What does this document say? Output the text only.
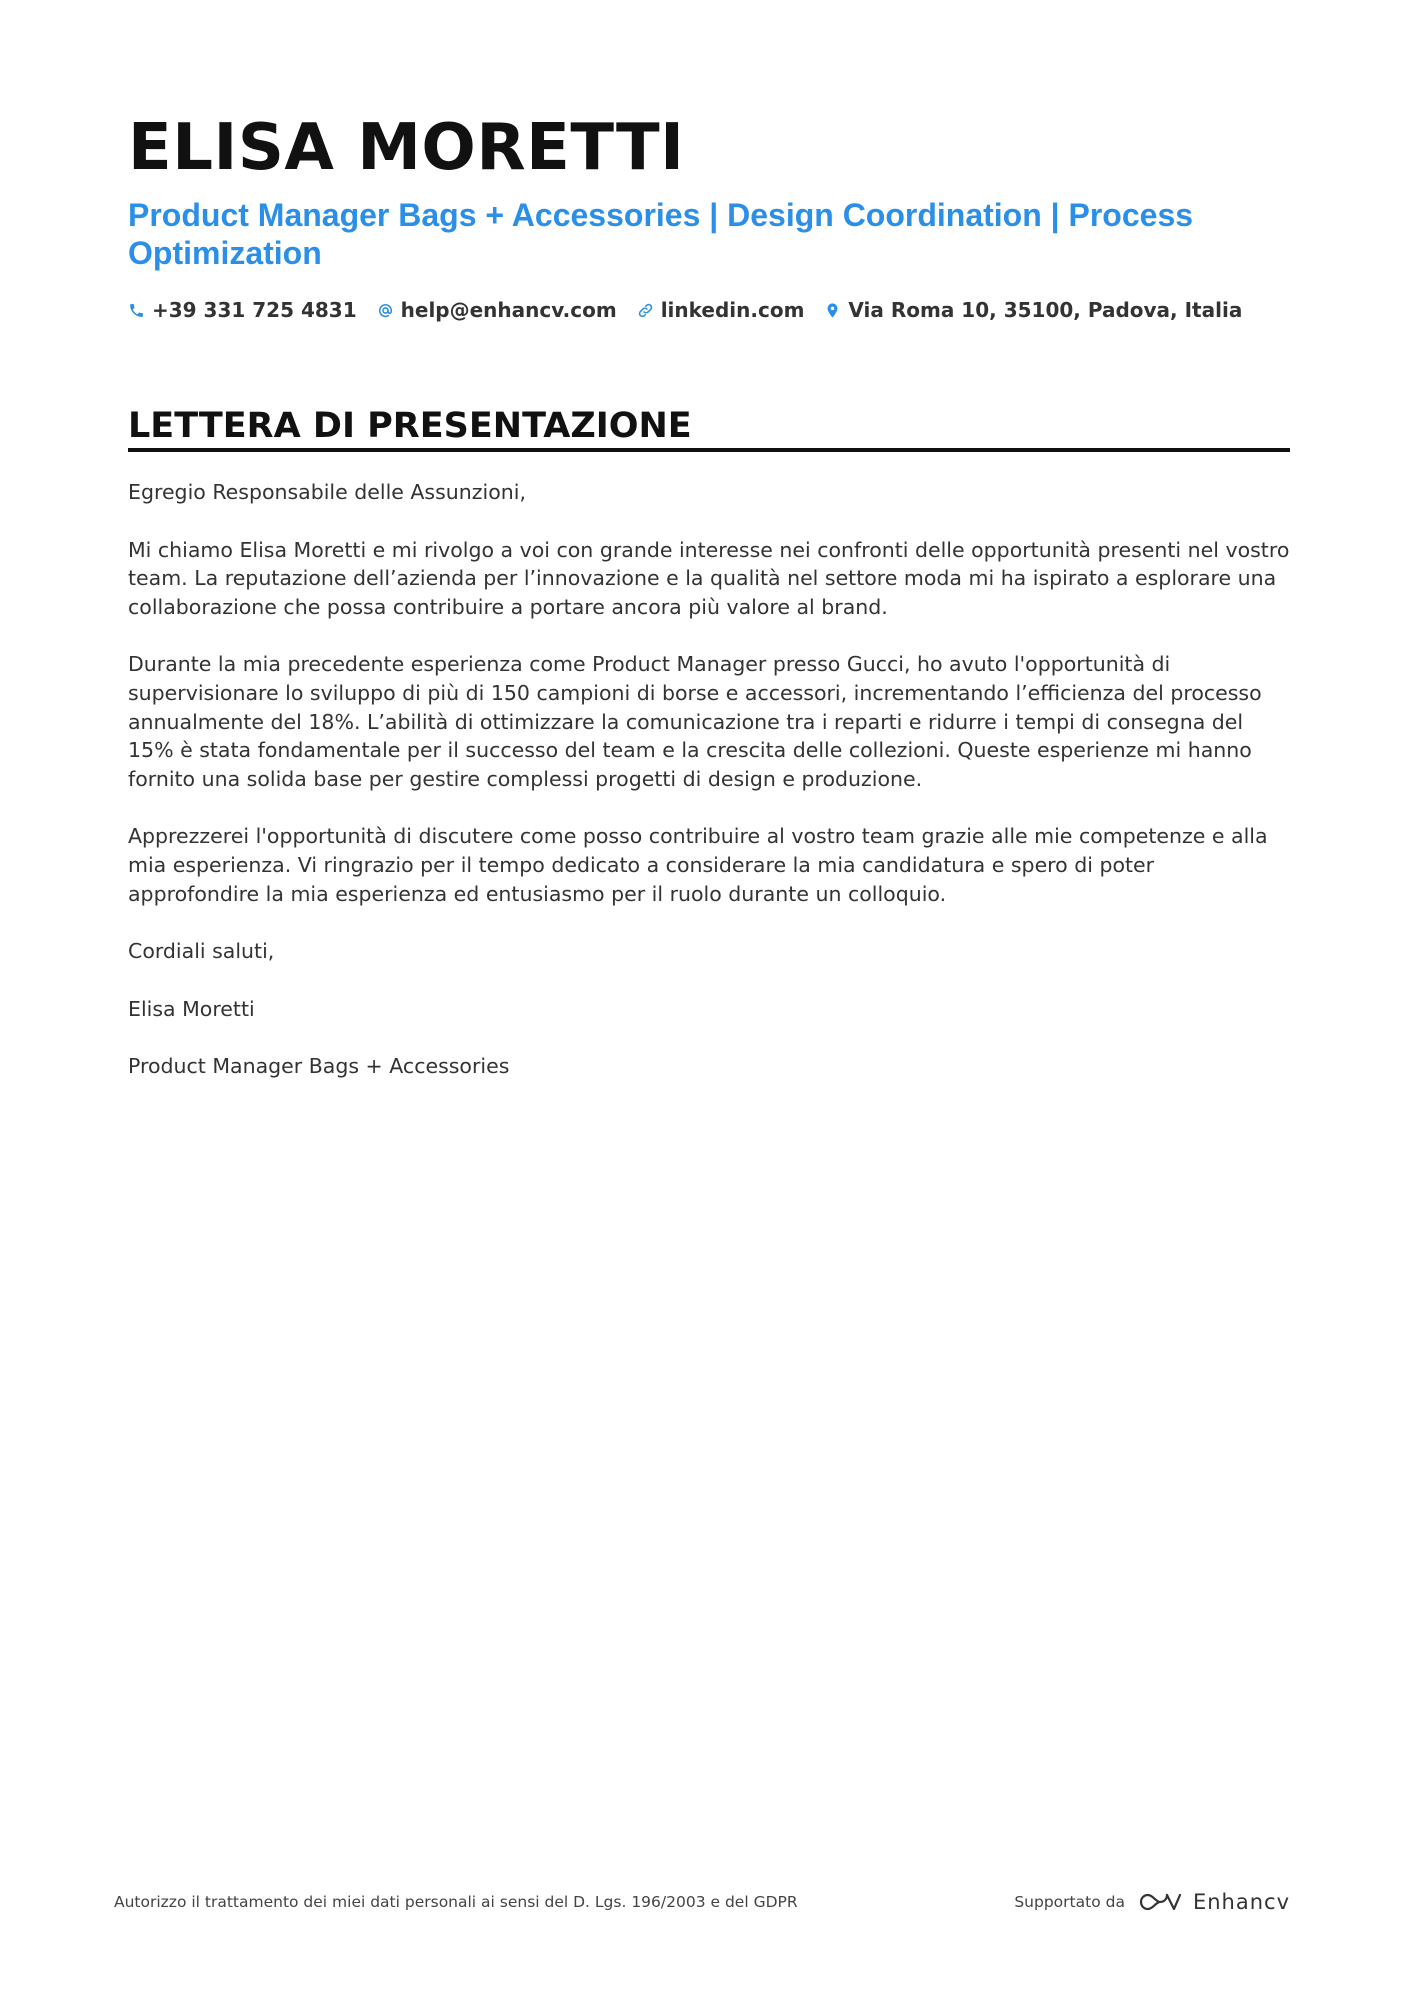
ELISA MORETTI
Product Manager Bags + Accessories | Design Coordination | Process Optimization
+39 331 725 4831 help@enhancv.com linkedin.com Via Roma 10, 35100, Padova, Italia
LETTERA DI PRESENTAZIONE

Egregio Responsabile delle Assunzioni,

Mi chiamo Elisa Moretti e mi rivolgo a voi con grande interesse nei confronti delle opportunità presenti nel vostro team. La reputazione dell’azienda per l’innovazione e la qualità nel settore moda mi ha ispirato a esplorare una collaborazione che possa contribuire a portare ancora più valore al brand.

Durante la mia precedente esperienza come Product Manager presso Gucci, ho avuto l'opportunità di supervisionare lo sviluppo di più di 150 campioni di borse e accessori, incrementando l’efficienza del processo annualmente del 18%. L’abilità di ottimizzare la comunicazione tra i reparti e ridurre i tempi di consegna del 15% è stata fondamentale per il successo del team e la crescita delle collezioni. Queste esperienze mi hanno fornito una solida base per gestire complessi progetti di design e produzione.

Apprezzerei l'opportunità di discutere come posso contribuire al vostro team grazie alle mie competenze e alla mia esperienza. Vi ringrazio per il tempo dedicato a considerare la mia candidatura e spero di poter approfondire la mia esperienza ed entusiasmo per il ruolo durante un colloquio.

Cordiali saluti,

Elisa Moretti

Product Manager Bags + Accessories

Autorizzo il trattamento dei miei dati personali ai sensi del D. Lgs. 196/2003 e del GDPR	Supportato da	Enhancv
